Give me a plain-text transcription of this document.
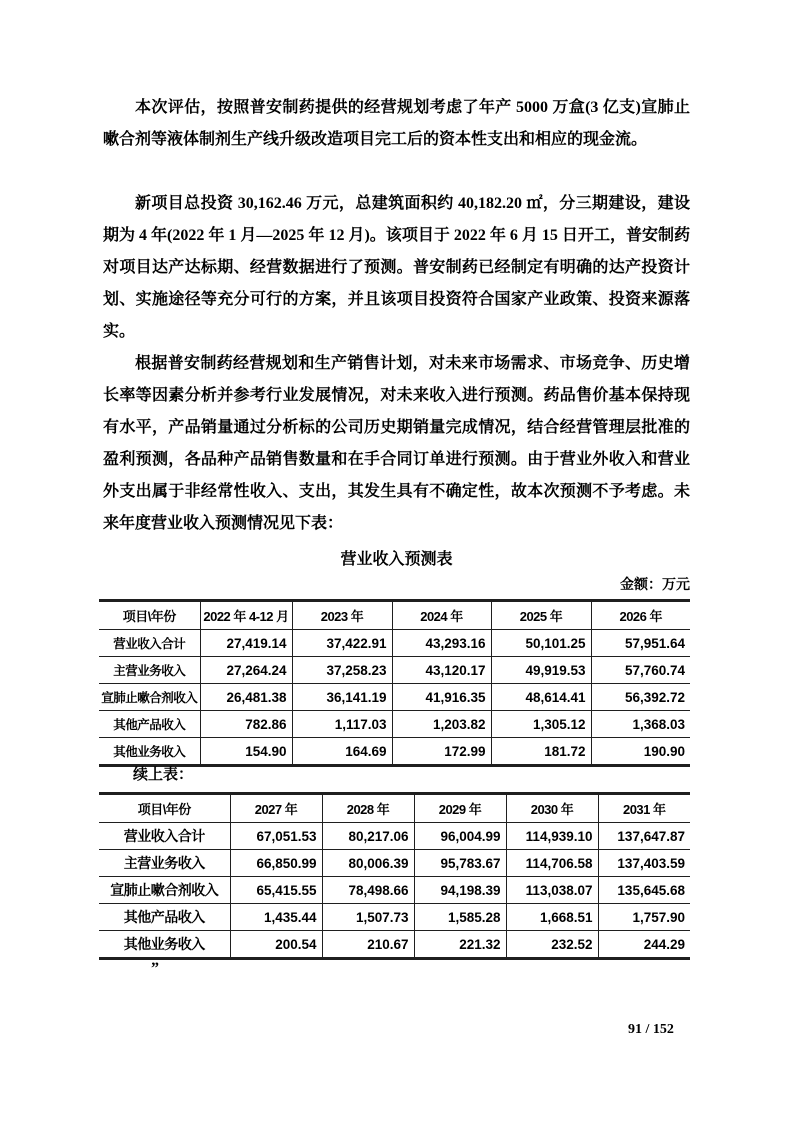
本次评估，按照普安制药提供的经营规划考虑了年产 5000 万盒(3 亿支)宣肺止嗽合剂等液体制剂生产线升级改造项目完工后的资本性支出和相应的现金流。

新项目总投资 30,162.46 万元，总建筑面积约 40,182.20 ㎡，分三期建设，建设期为 4 年(2022 年 1 月—2025 年 12 月)。该项目于 2022 年 6 月 15 日开工，普安制药对项目达产达标期、经营数据进行了预测。普安制药已经制定有明确的达产投资计划、实施途径等充分可行的方案，并且该项目投资符合国家产业政策、投资来源落实。

根据普安制药经营规划和生产销售计划，对未来市场需求、市场竞争、历史增长率等因素分析并参考行业发展情况，对未来收入进行预测。药品售价基本保持现有水平，产品销量通过分析标的公司历史期销量完成情况，结合经营管理层批准的盈利预测，各品种产品销售数量和在手合同订单进行预测。由于营业外收入和营业外支出属于非经常性收入、支出，其发生具有不确定性，故本次预测不予考虑。未来年度营业收入预测情况见下表：

营业收入预测表

金额：万元

项目\年份	2022 年 4-12 月	2023 年	2024 年	2025 年	2026 年
营业收入合计	27,419.14	37,422.91	43,293.16	50,101.25	57,951.64
主营业务收入	27,264.24	37,258.23	43,120.17	49,919.53	57,760.74
宣肺止嗽合剂收入	26,481.38	36,141.19	41,916.35	48,614.41	56,392.72
其他产品收入	782.86	1,117.03	1,203.82	1,305.12	1,368.03
其他业务收入	154.90	164.69	172.99	181.72	190.90

续上表：

项目\年份	2027 年	2028 年	2029 年	2030 年	2031 年
营业收入合计	67,051.53	80,217.06	96,004.99	114,939.10	137,647.87
主营业务收入	66,850.99	80,006.39	95,783.67	114,706.58	137,403.59
宣肺止嗽合剂收入	65,415.55	78,498.66	94,198.39	113,038.07	135,645.68
其他产品收入	1,435.44	1,507.73	1,585.28	1,668.51	1,757.90
其他业务收入	200.54	210.67	221.32	232.52	244.29

”

91 / 152
